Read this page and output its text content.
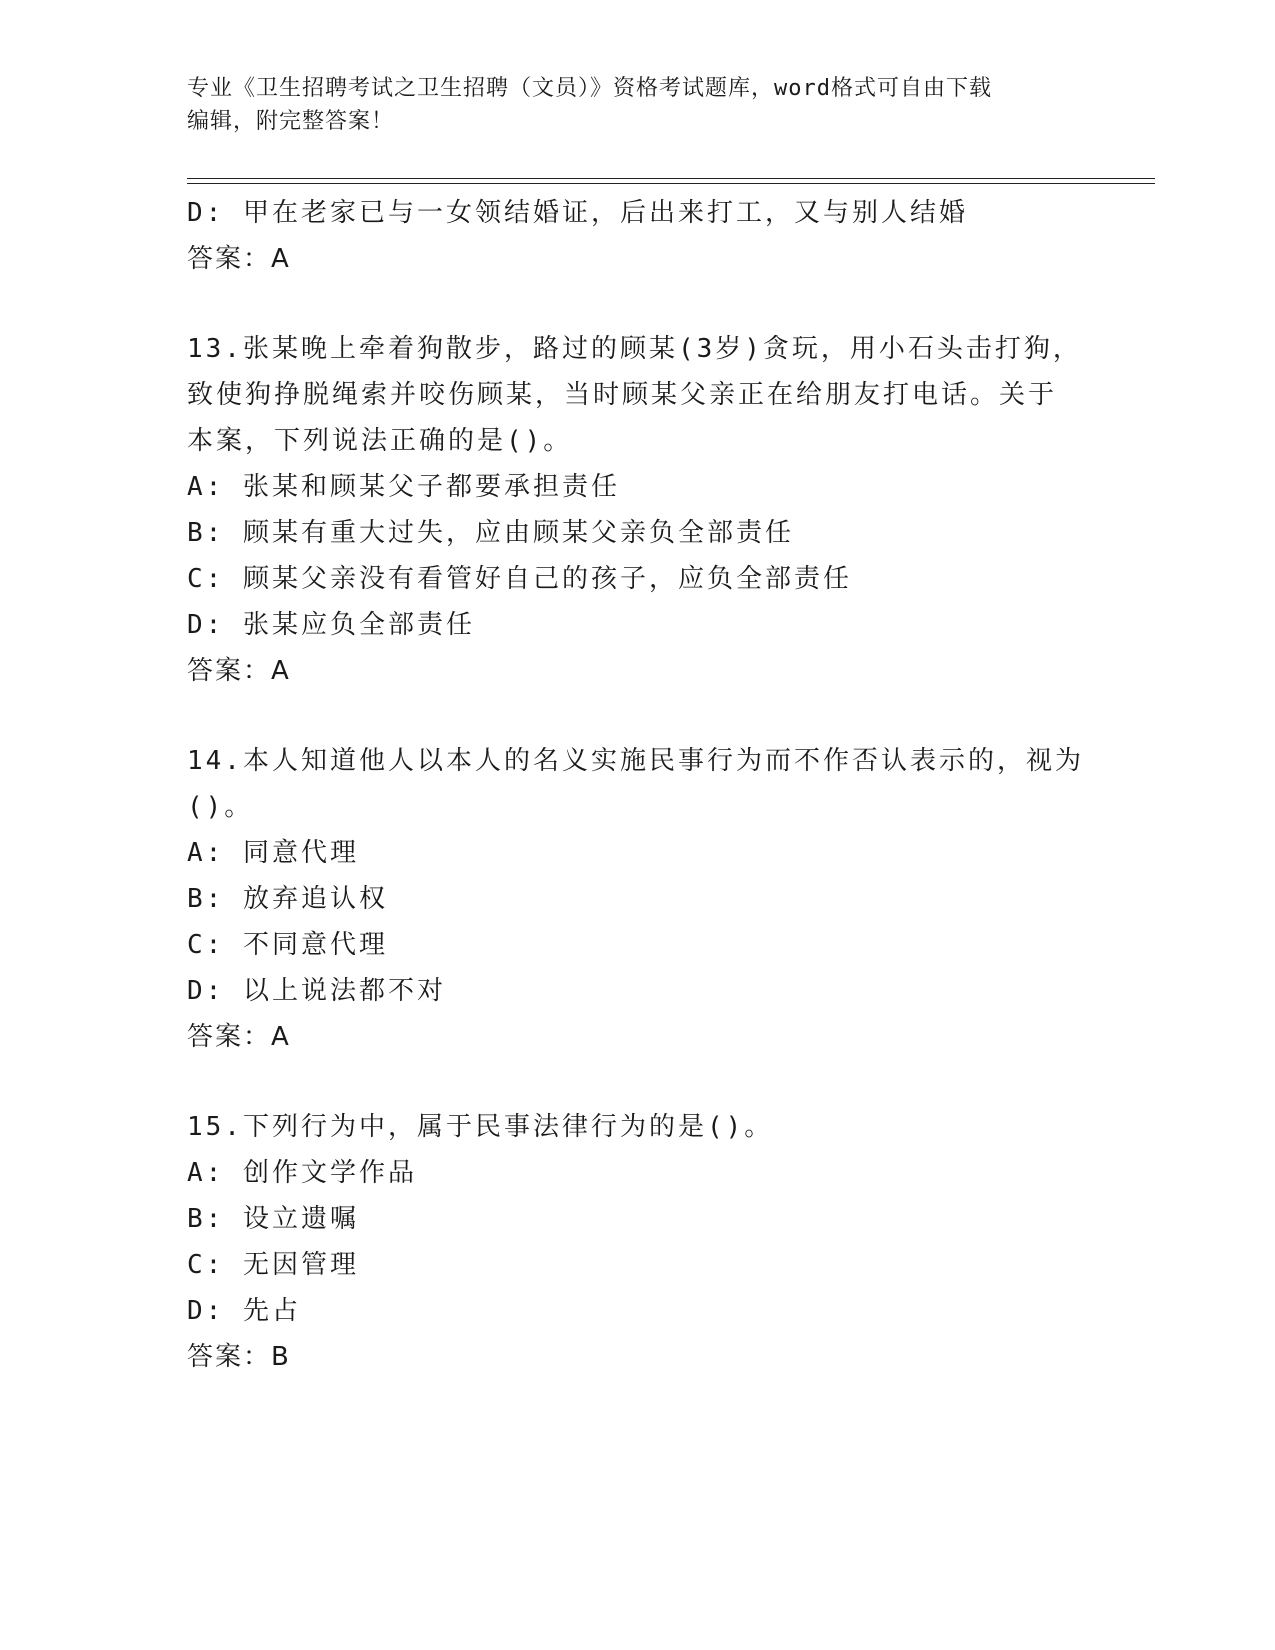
专业《卫生招聘考试之卫生招聘（文员）》资格考试题库，word格式可自由下载
编辑，附完整答案！
D: 甲在老家已与一女领结婚证，后出来打工，又与别人结婚
答案：A
13.张某晚上牵着狗散步，路过的顾某(3岁)贪玩，用小石头击打狗，
致使狗挣脱绳索并咬伤顾某，当时顾某父亲正在给朋友打电话。关于
本案，下列说法正确的是()。
A: 张某和顾某父子都要承担责任
B: 顾某有重大过失，应由顾某父亲负全部责任
C: 顾某父亲没有看管好自己的孩子，应负全部责任
D: 张某应负全部责任
答案：A
14.本人知道他人以本人的名义实施民事行为而不作否认表示的，视为
()。
A: 同意代理
B: 放弃追认权
C: 不同意代理
D: 以上说法都不对
答案：A
15.下列行为中，属于民事法律行为的是()。
A: 创作文学作品
B: 设立遗嘱
C: 无因管理
D: 先占
答案：B
